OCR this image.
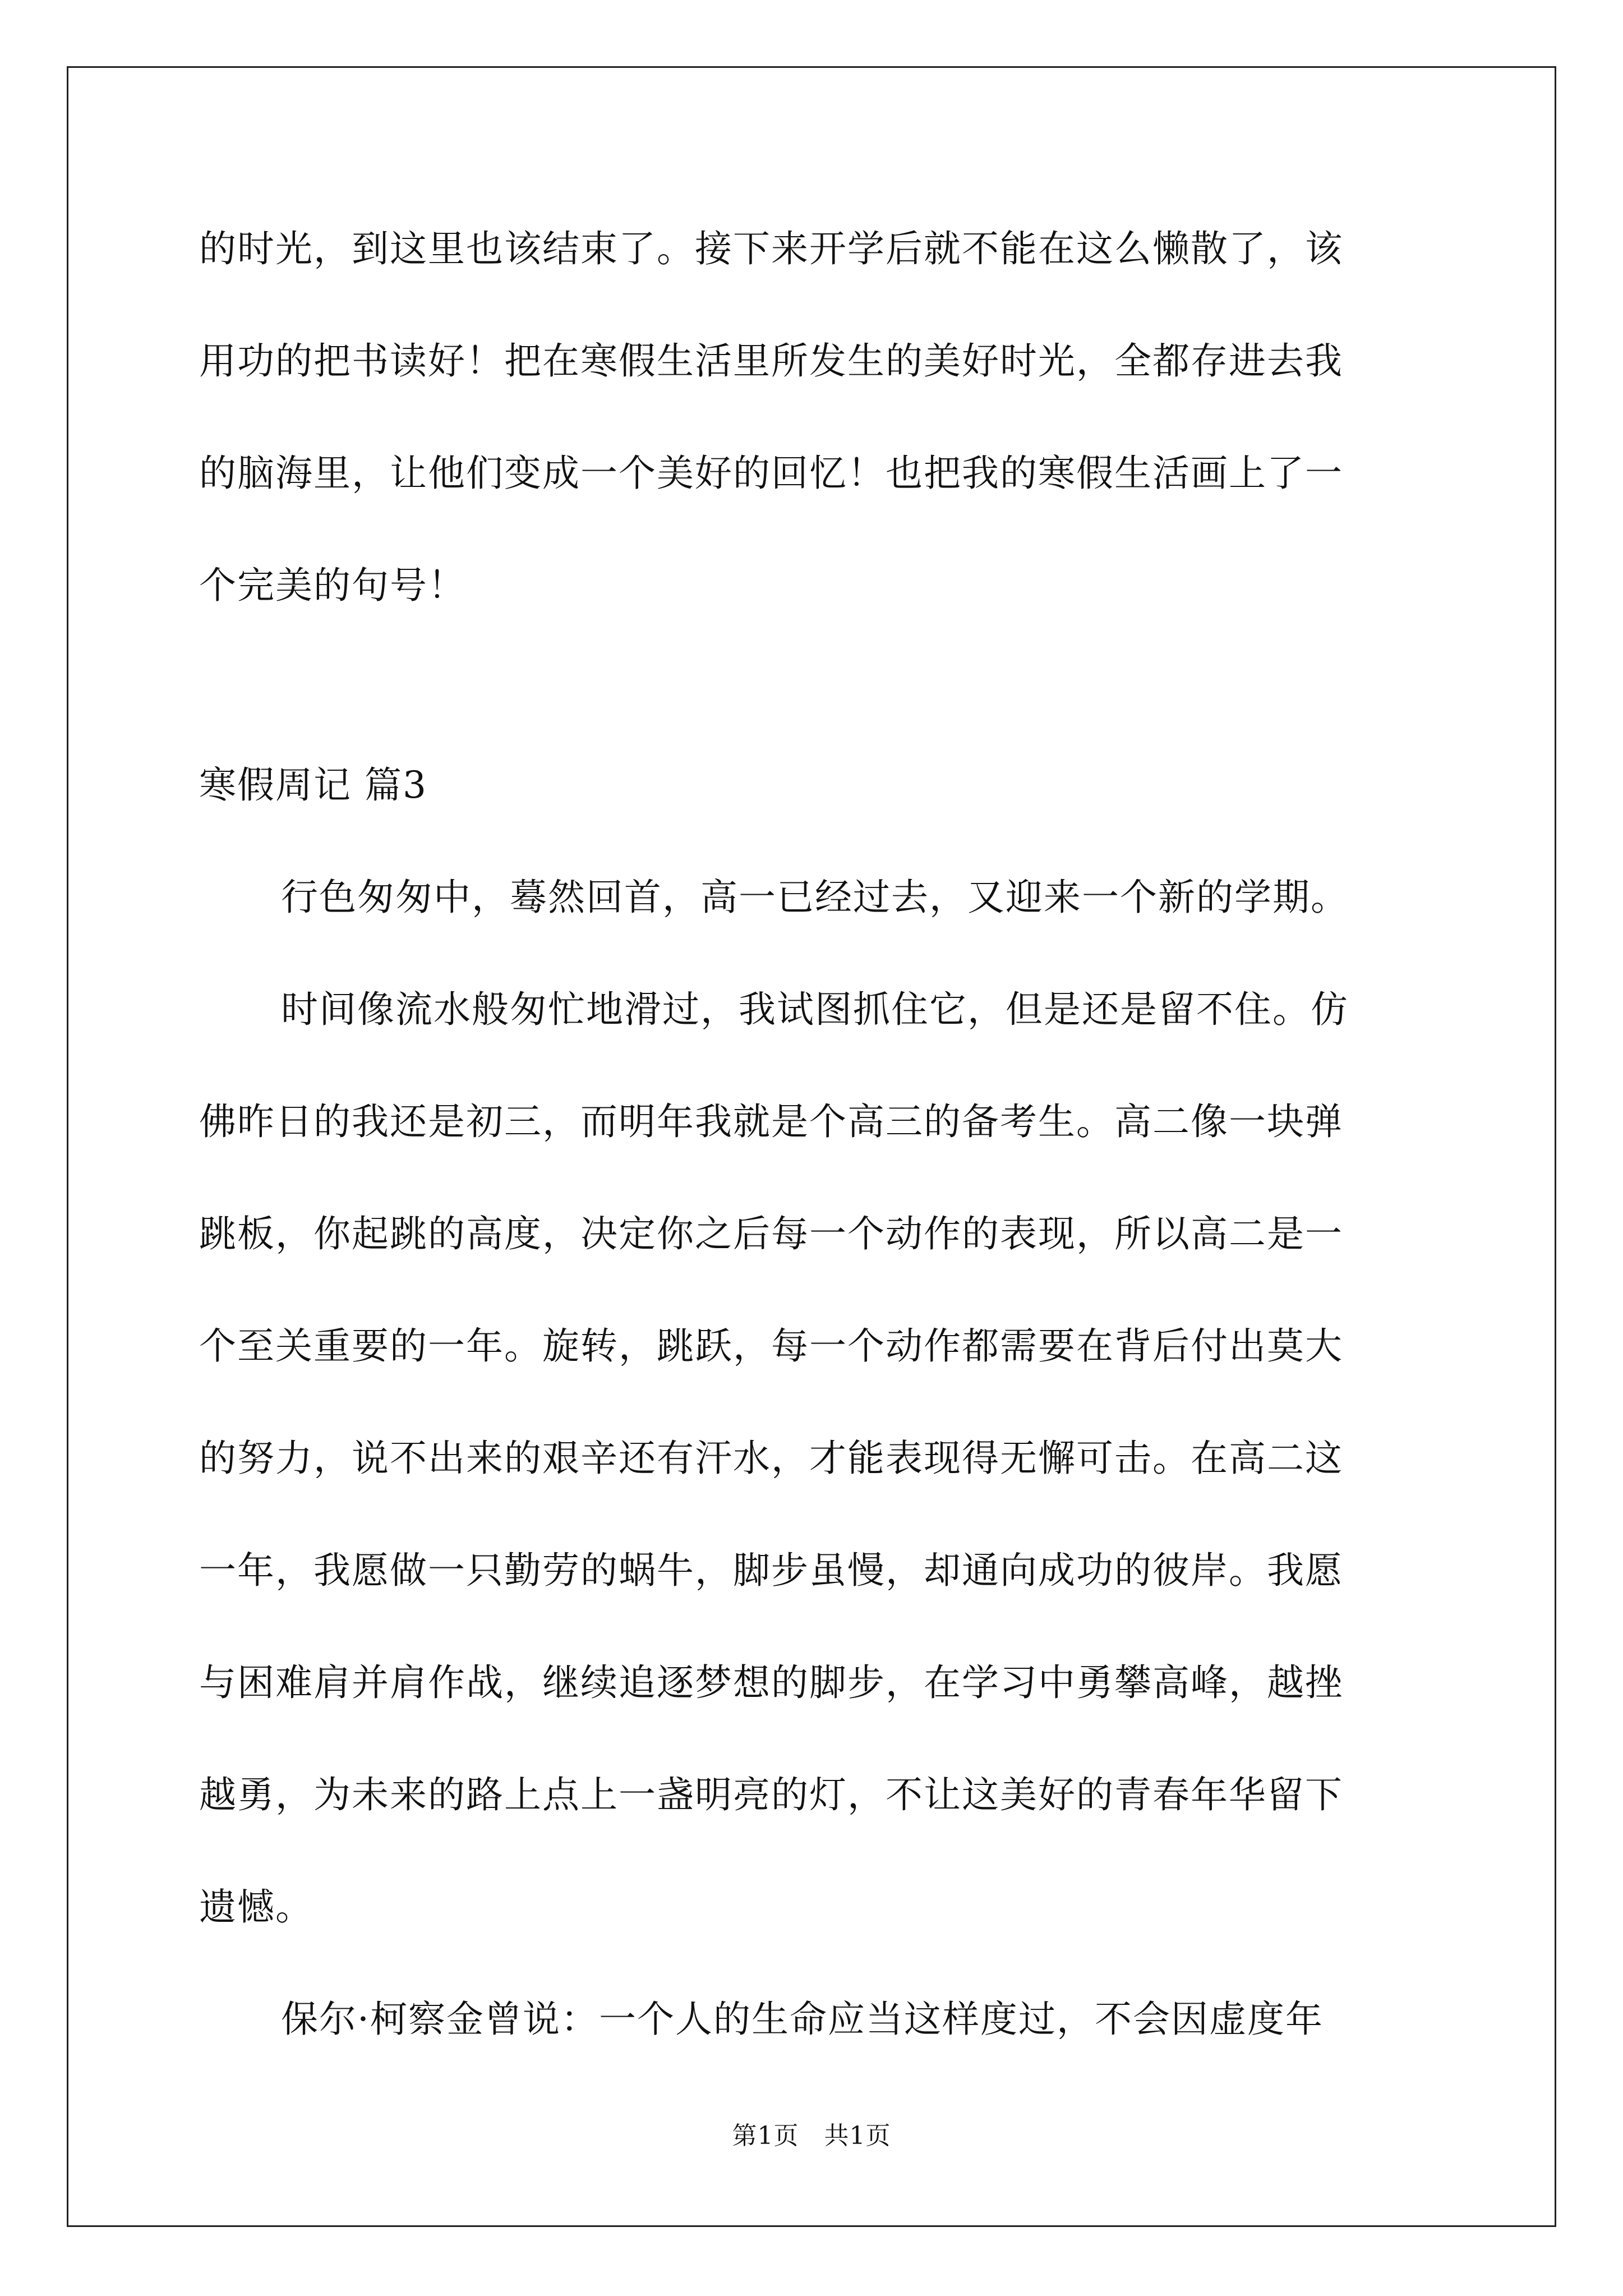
的时光，到这里也该结束了。接下来开学后就不能在这么懒散了，该
用功的把书读好！把在寒假生活里所发生的美好时光，全都存进去我
的脑海里，让他们变成一个美好的回忆！也把我的寒假生活画上了一
个完美的句号！
寒假周记 篇3
行色匆匆中，蓦然回首，高一已经过去，又迎来一个新的学期。
时间像流水般匆忙地滑过，我试图抓住它，但是还是留不住。仿
佛昨日的我还是初三，而明年我就是个高三的备考生。高二像一块弹
跳板，你起跳的高度，决定你之后每一个动作的表现，所以高二是一
个至关重要的一年。旋转，跳跃，每一个动作都需要在背后付出莫大
的努力，说不出来的艰辛还有汗水，才能表现得无懈可击。在高二这
一年，我愿做一只勤劳的蜗牛，脚步虽慢，却通向成功的彼岸。我愿
与困难肩并肩作战，继续追逐梦想的脚步，在学习中勇攀高峰，越挫
越勇，为未来的路上点上一盏明亮的灯，不让这美好的青春年华留下
遗憾。
保尔·柯察金曾说：一个人的生命应当这样度过，不会因虚度年
第1页　共1页
